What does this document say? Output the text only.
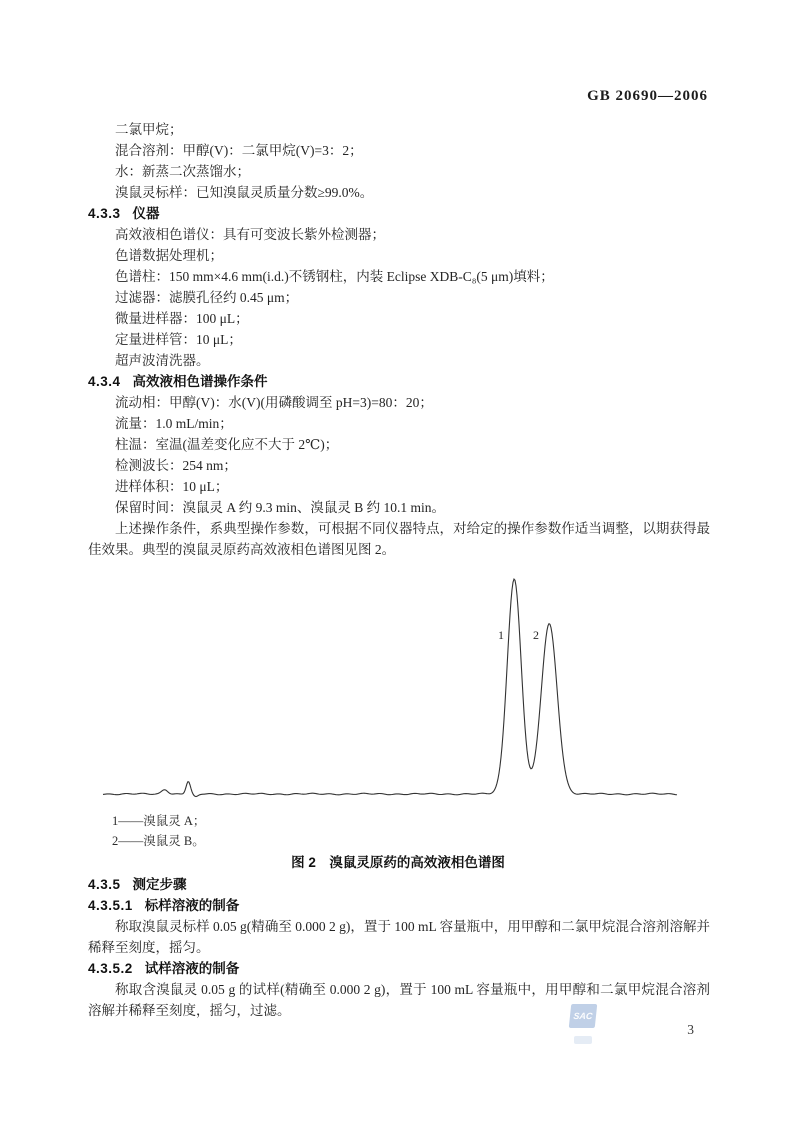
GB 20690—2006
二氯甲烷；
混合溶剂：甲醇(V)：二氯甲烷(V)=3：2；
水：新蒸二次蒸馏水；
溴鼠灵标样：已知溴鼠灵质量分数≥99.0%。
4.3.3 仪器
高效液相色谱仪：具有可变波长紫外检测器；
色谱数据处理机；
色谱柱：150 mm×4.6 mm(i.d.)不锈钢柱，内装 Eclipse XDB-C₈(5 μm)填料；
过滤器：滤膜孔径约 0.45 μm；
微量进样器：100 μL；
定量进样管：10 μL；
超声波清洗器。
4.3.4 高效液相色谱操作条件
流动相：甲醇(V)：水(V)(用磷酸调至 pH=3)=80：20；
流量：1.0 mL/min；
柱温：室温(温差变化应不大于 2℃)；
检测波长：254 nm；
进样体积：10 μL；
保留时间：溴鼠灵 A 约 9.3 min、溴鼠灵 B 约 10.1 min。
上述操作条件，系典型操作参数，可根据不同仪器特点，对给定的操作参数作适当调整，以期获得最佳效果。典型的溴鼠灵原药高效液相色谱图见图 2。
1 2
1——溴鼠灵 A；
2——溴鼠灵 B。
图 2　溴鼠灵原药的高效液相色谱图
4.3.5 测定步骤
4.3.5.1 标样溶液的制备
称取溴鼠灵标样 0.05 g(精确至 0.000 2 g)，置于 100 mL 容量瓶中，用甲醇和二氯甲烷混合溶剂溶解并稀释至刻度，摇匀。
4.3.5.2 试样溶液的制备
称取含溴鼠灵 0.05 g 的试样(精确至 0.000 2 g)，置于 100 mL 容量瓶中，用甲醇和二氯甲烷混合溶剂溶解并稀释至刻度，摇匀，过滤。	SAC
3
